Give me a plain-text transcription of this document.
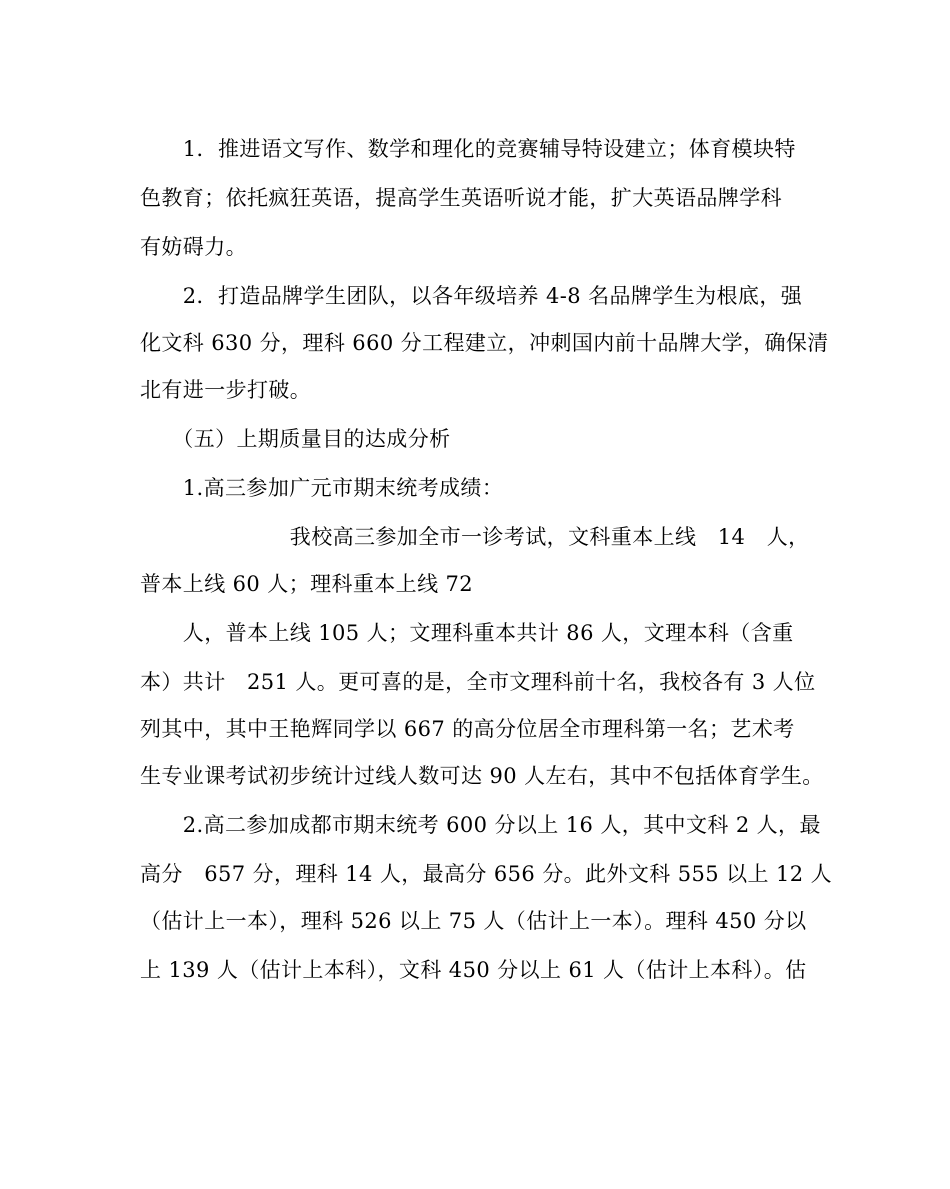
　　1．推进语文写作、数学和理化的竞赛辅导特设建立；体育模块特
色教育；依托疯狂英语，提高学生英语听说才能，扩大英语品牌学科
有妨碍力。
　　2．打造品牌学生团队，以各年级培养 4-8 名品牌学生为根底，强
化文科 630 分，理科 660 分工程建立，冲刺国内前十品牌大学，确保清
北有进一步打破。
　　（五）上期质量目的达成分析
　　1.高三参加广元市期末统考成绩：
　　　　　　　我校高三参加全市一诊考试，文科重本上线　14　人，
普本上线 60 人；理科重本上线 72
　　人，普本上线 105 人；文理科重本共计 86 人，文理本科（含重
本）共计　251 人。更可喜的是，全市文理科前十名，我校各有 3 人位
列其中，其中王艳辉同学以 667 的高分位居全市理科第一名；艺术考
生专业课考试初步统计过线人数可达 90 人左右，其中不包括体育学生。
　　2.高二参加成都市期末统考 600 分以上 16 人，其中文科 2 人，最
高分　657 分，理科 14 人，最高分 656 分。此外文科 555 以上 12 人
（估计上一本），理科 526 以上 75 人（估计上一本）。理科 450 分以
上 139 人（估计上本科），文科 450 分以上 61 人（估计上本科）。估
